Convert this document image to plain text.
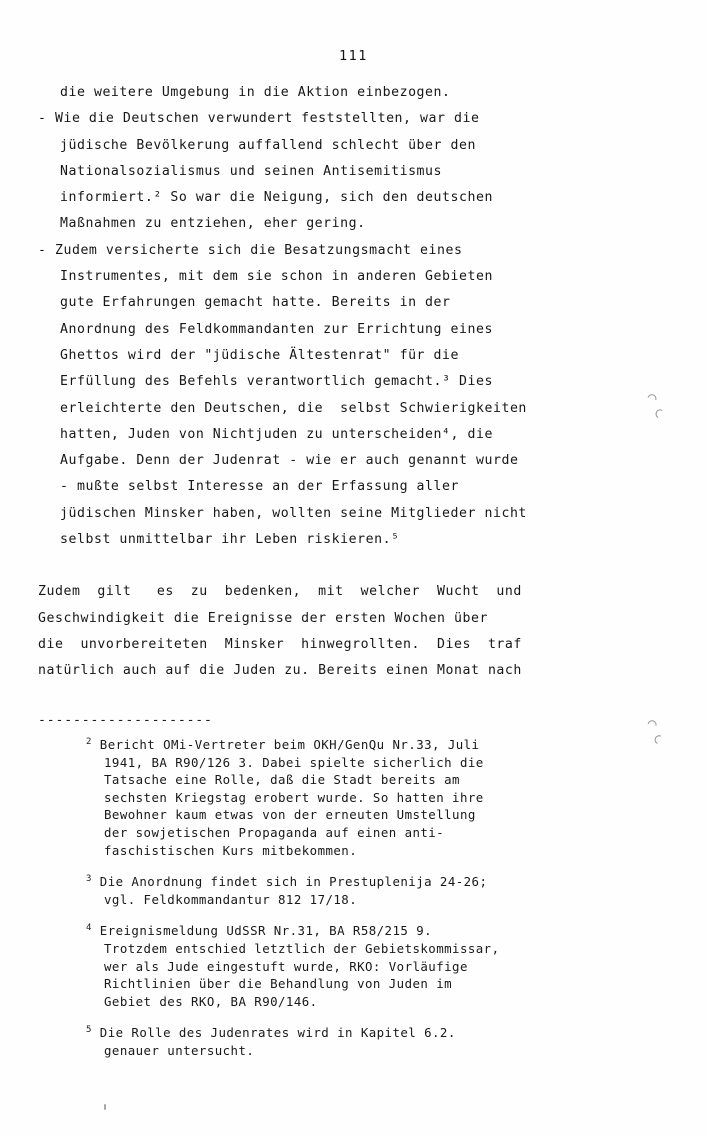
111
die weitere Umgebung in die Aktion einbezogen.
- Wie die Deutschen verwundert feststellten, war die
jüdische Bevölkerung auffallend schlecht über den
Nationalsozialismus und seinen Antisemitismus
informiert.² So war die Neigung, sich den deutschen
Maßnahmen zu entziehen, eher gering.
- Zudem versicherte sich die Besatzungsmacht eines
Instrumentes, mit dem sie schon in anderen Gebieten
gute Erfahrungen gemacht hatte. Bereits in der
Anordnung des Feldkommandanten zur Errichtung eines
Ghettos wird der "jüdische Ältestenrat" für die
Erfüllung des Befehls verantwortlich gemacht.³ Dies
erleichterte den Deutschen, die  selbst Schwierigkeiten
hatten, Juden von Nichtjuden zu unterscheiden⁴, die
Aufgabe. Denn der Judenrat - wie er auch genannt wurde
- mußte selbst Interesse an der Erfassung aller
jüdischen Minsker haben, wollten seine Mitglieder nicht
selbst unmittelbar ihr Leben riskieren.⁵
Zudem  gilt   es  zu  bedenken,  mit  welcher  Wucht  und
Geschwindigkeit die Ereignisse der ersten Wochen über
die  unvorbereiteten  Minsker  hinwegrollten.  Dies  traf
natürlich auch auf die Juden zu. Bereits einen Monat nach
--------------------
$^2$ Bericht OMi-Vertreter beim OKH/GenQu Nr.33, Juli
1941, BA R90/126 3. Dabei spielte sicherlich die
Tatsache eine Rolle, daß die Stadt bereits am
sechsten Kriegstag erobert wurde. So hatten ihre
Bewohner kaum etwas von der erneuten Umstellung
der sowjetischen Propaganda auf einen anti-
faschistischen Kurs mitbekommen.
$^3$ Die Anordnung findet sich in Prestuplenija 24-26;
vgl. Feldkommandantur 812 17/18.
$^4$ Ereignismeldung UdSSR Nr.31, BA R58/215 9.
Trotzdem entschied letztlich der Gebietskommissar,
wer als Jude eingestuft wurde, RKO: Vorläufige
Richtlinien über die Behandlung von Juden im
Gebiet des RKO, BA R90/146.
$^5$ Die Rolle des Judenrates wird in Kapitel 6.2.
genauer untersucht.
⌒
⌒
⌒
⌒
